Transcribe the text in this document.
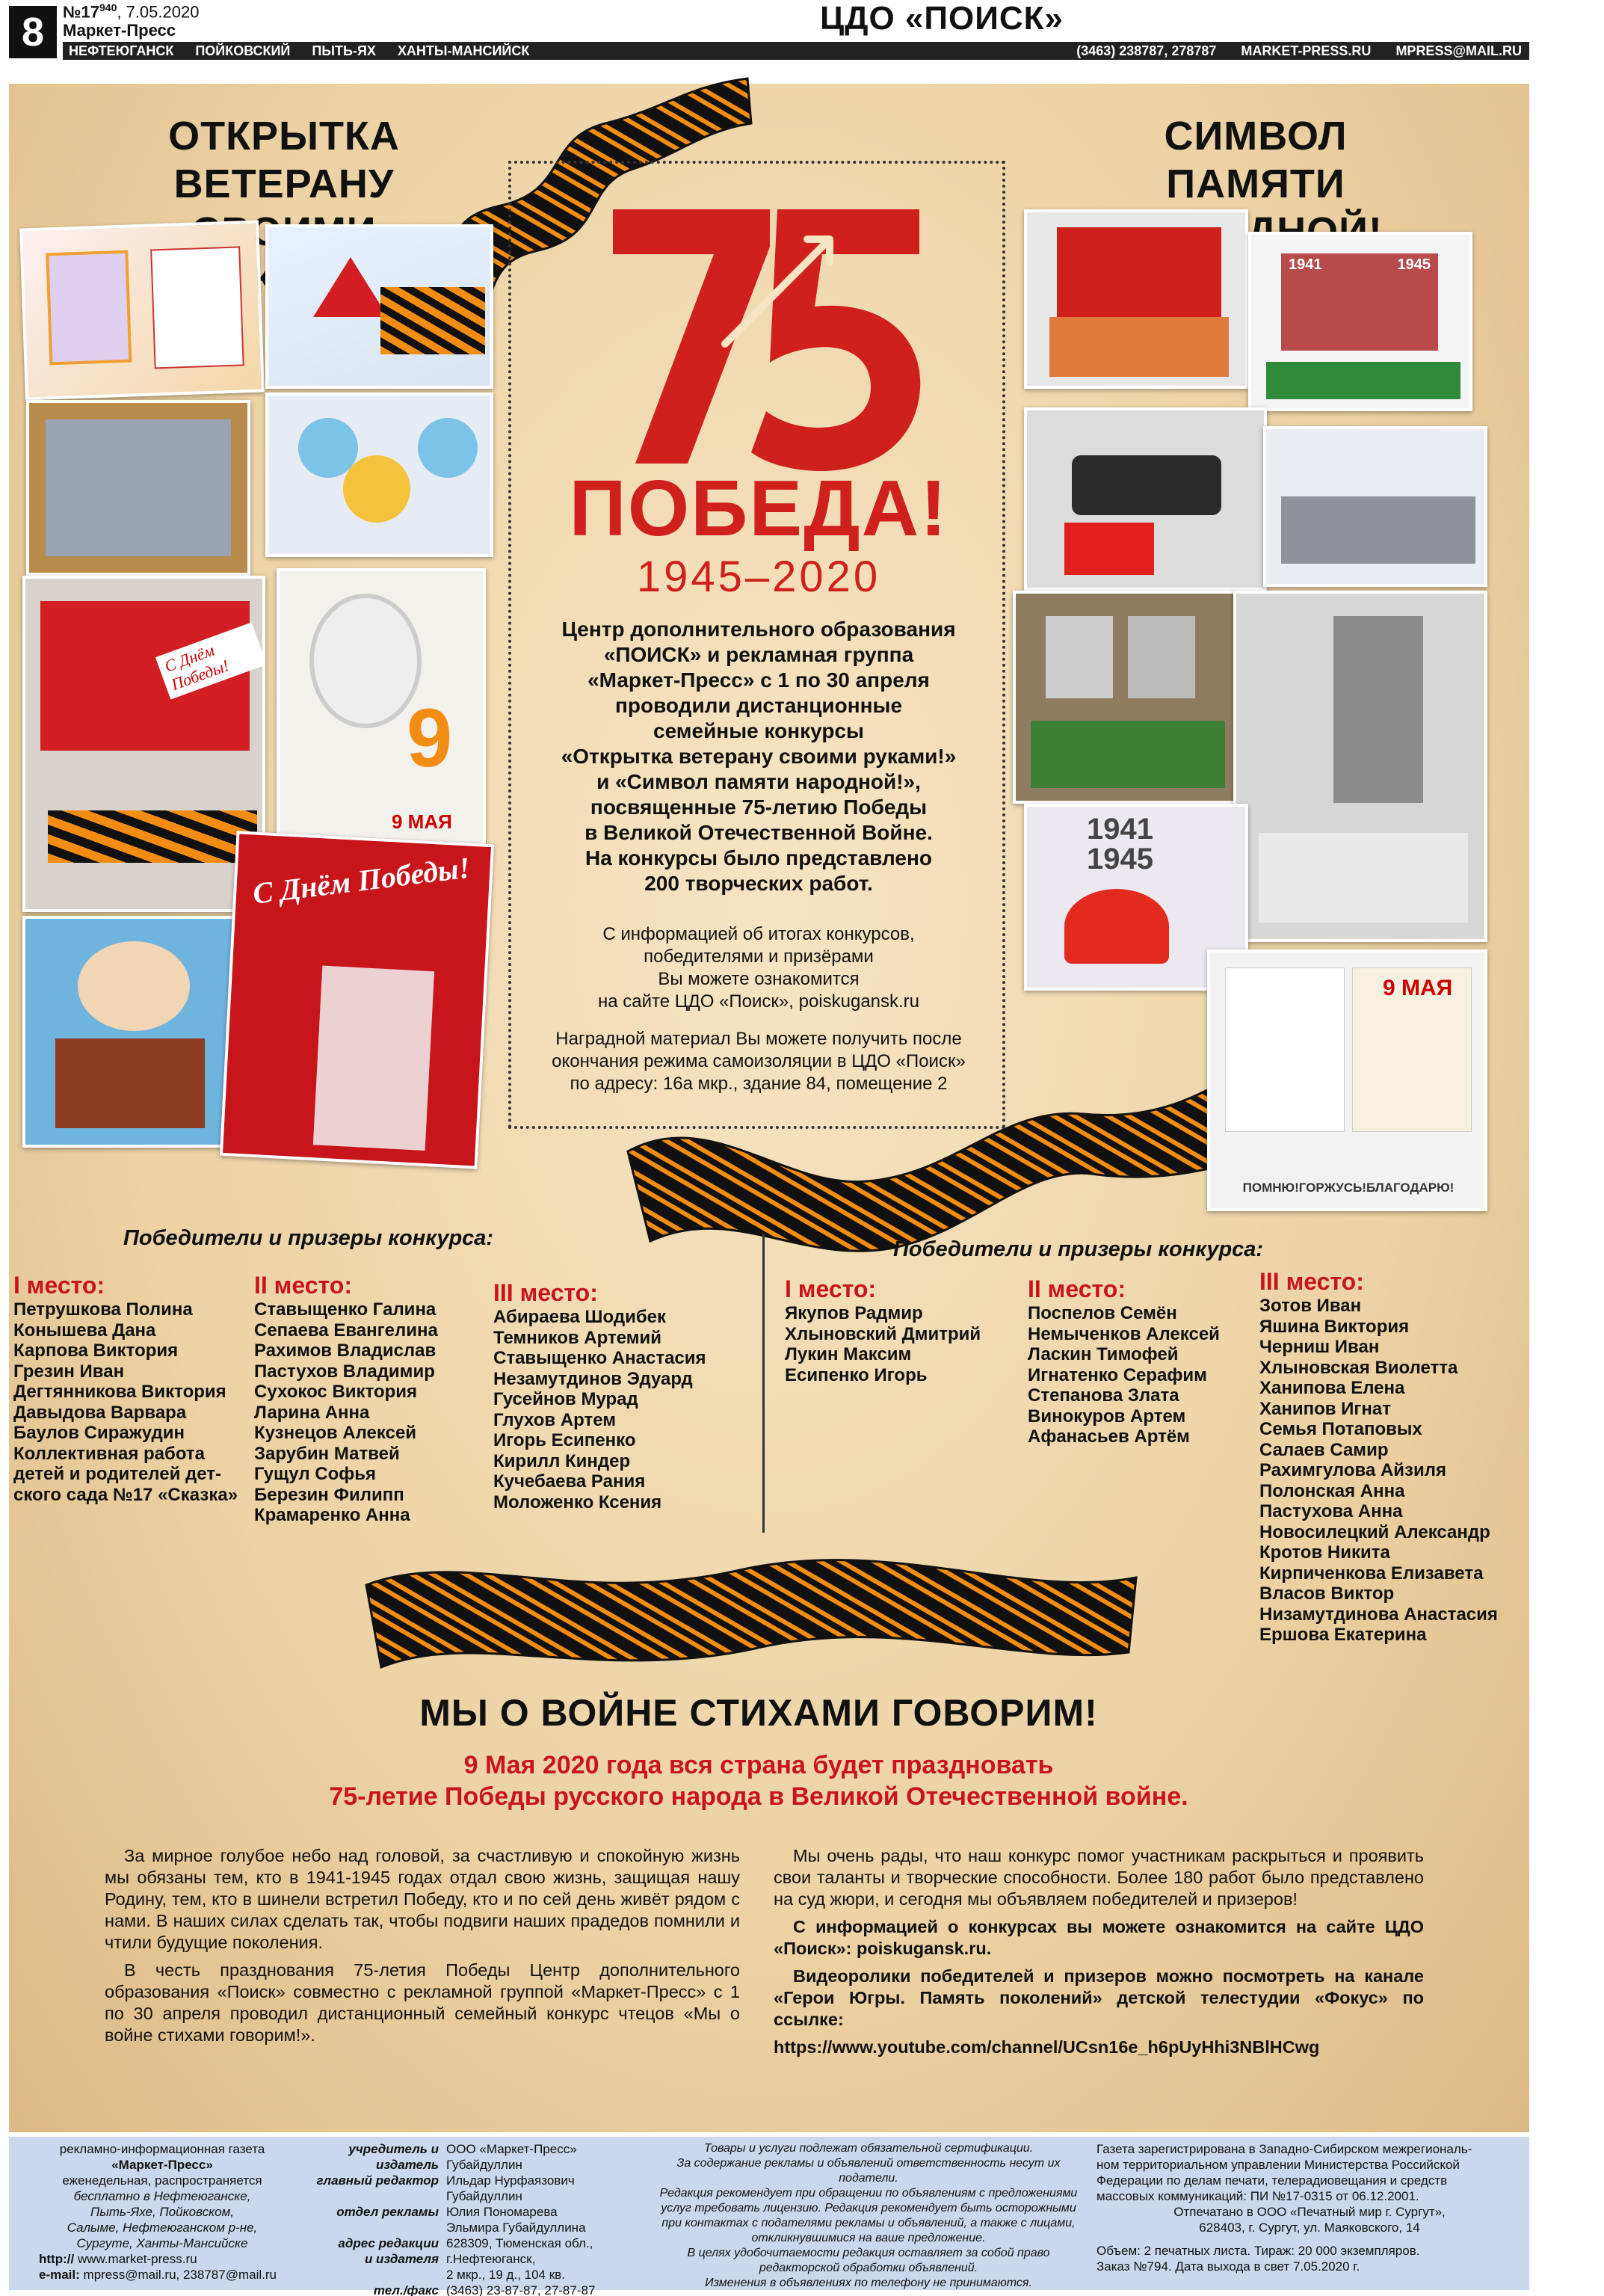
8	$№17^{940}$, 7.05.2020
Маркет-Пресс	ЦДО «ПОИСК»
НЕФТЕЮГАНСК ПОЙКОВСКИЙ ПЫТЬ-ЯХ ХАНТЫ-МАНСИЙСК	(3463) 238787, 278787 MARKET-PRESS.RU MPRESS@MAIL.RU
ОТКРЫТКА ВЕТЕРАНУ
СИМВОЛ ПАМЯТИ
ПОБЕДА!
1945–2020
Центр дополнительного образования
«ПОИСК» и рекламная группа
«Маркет-Пресс» с 1 по 30 апреля
проводили дистанционные
семейные конкурсы
«Открытка ветерану своими руками!»
и «Символ памяти народной!»,
посвященные 75-летию Победы
в Великой Отечественной Войне.
На конкурсы было представлено
200 творческих работ.
С информацией об итогах конкурсов,
победителями и призёрами
Вы можете ознакомится
на сайте ЦДО «Поиск», poiskugansk.ru
Наградной материал Вы можете получить после
окончания режима самоизоляции в ЦДО «Поиск»
по адресу: 16а мкр., здание 84, помещение 2
С Днём Победы!
9
9 МАЯ
С Днём Победы!
1941	1945
1941 1945
9 МАЯ
ПОМНЮ!ГОРЖУСЬ!БЛАГОДАРЮ!
Победители и призеры конкурса:	Победители и призеры конкурса:
I место:
Петрушкова Полина
Конышева Дана
Карпова Виктория
Грезин Иван
Дегтянникова Виктория
Давыдова Варвара
Баулов Сиражудин
Коллективная работа
детей и родителей дет-
ского сада №17 «Сказка»
II место:
Ставыщенко Галина
Сепаева Евангелина
Рахимов Владислав
Пастухов Владимир
Сухокос Виктория
Ларина Анна
Кузнецов Алексей
Зарубин Матвей
Гущул Софья
Березин Филипп
Крамаренко Анна
III место:
Абираева Шодибек
Темников Артемий
Ставыщенко Анастасия
Незамутдинов Эдуард
Гусейнов Мурад
Глухов Артем
Игорь Есипенко
Кирилл Киндер
Кучебаева Рания
Моложенко Ксения
I место:
Якупов Радмир
Хлыновский Дмитрий
Лукин Максим
Есипенко Игорь
II место:
Поспелов Семён
Немыченков Алексей
Ласкин Тимофей
Игнатенко Серафим
Степанова Злата
Винокуров Артем
Афанасьев Артём
III место:
Зотов Иван
Яшина Виктория
Черниш Иван
Хлыновская Виолетта
Ханипова Елена
Ханипов Игнат
Семья Потаповых
Салаев Самир
Рахимгулова Айзиля
Полонская Анна
Пастухова Анна
Новосилецкий Александр
Кротов Никита
Кирпиченкова Елизавета
Власов Виктор
Низамутдинова Анастасия
Ершова Екатерина
МЫ О ВОЙНЕ СТИХАМИ ГОВОРИМ!
9 Мая 2020 года вся страна будет праздновать
75-летие Победы русского народа в Великой Отечественной войне.

За мирное голубое небо над головой, за счастливую и спокойную жизнь мы обязаны тем, кто в 1941-1945 годах отдал свою жизнь, защищая нашу Родину, тем, кто в шинели встретил Победу, кто и по сей день живёт рядом с нами. В наших силах сделать так, чтобы подвиги наших прадедов помнили и чтили будущие поколения.

В честь празднования 75-летия Победы Центр дополнительного образования «Поиск» совместно с рекламной группой «Маркет-Пресс» с 1 по 30 апреля проводил дистанционный семейный конкурс чтецов «Мы о войне стихами говорим!».

Мы очень рады, что наш конкурс помог участникам раскрыться и проявить свои таланты и творческие способности. Более 180 работ было представлено на суд жюри, и сегодня мы объявляем победителей и призеров!

С информацией о конкурсах вы можете ознакомится на сайте ЦДО «Поиск»: poiskugansk.ru.

Видеоролики победителей и призеров можно посмотреть на канале «Герои Югры. Память поколений» детской телестудии «Фокус» по ссылке:

https://www.youtube.com/channel/UCsn16e_h6pUyHhi3NBlHCwg
рекламно-информационная газета
«Маркет-Пресс»
еженедельная, распространяется
бесплатно в Нефтеюганске,
Пыть-Яхе, Пойковском,
Салыме, Нефтеюганском р-не,
Сургуте, Ханты-Мансийске
http:// www.market-press.ru
e-mail: mpress@mail.ru, 238787@mail.ru
учредитель и издатель
ООО «Маркет-Пресс»
Губайдуллин
главный редактор Ильдар Нурфаязович
Губайдуллин
отдел рекламы Юлия Пономарева
Эльмира Губайдуллина
адрес редакции 628309, Тюменская обл.,
и издателя г.Нефтеюганск,
2 мкр., 19 д., 104 кв.
тел./факс (3463) 23-87-87, 27-87-87
Товары и услуги подлежат обязательной сертификации.
За содержание рекламы и объявлений ответственность несут их податели.
Редакция рекомендует при обращении по объявлениям с предложениями
услуг требовать лицензию. Редакция рекомендует быть осторожными
при контактах с подателями рекламы и объявлений, а также с лицами,
откликнувшимися на ваше предложение.
В целях удобочитаемости редакция оставляет за собой право
редакторской обработки объявлений.
Изменения в объявлениях по телефону не принимаются.
Газета зарегистрирована в Западно-Сибирском межрегиональ-
ном территориальном управлении Министерства Российской
Федерации по делам печати, телерадиовещания и средств
массовых коммуникаций: ПИ №17-0315 от 06.12.2001.
Отпечатано в ООО «Печатный мир г. Сургут»,
628403, г. Сургут, ул. Маяковского, 14
Объем: 2 печатных листа. Тираж: 20 000 экземпляров.
Заказ №794. Дата выхода в свет 7.05.2020 г.
